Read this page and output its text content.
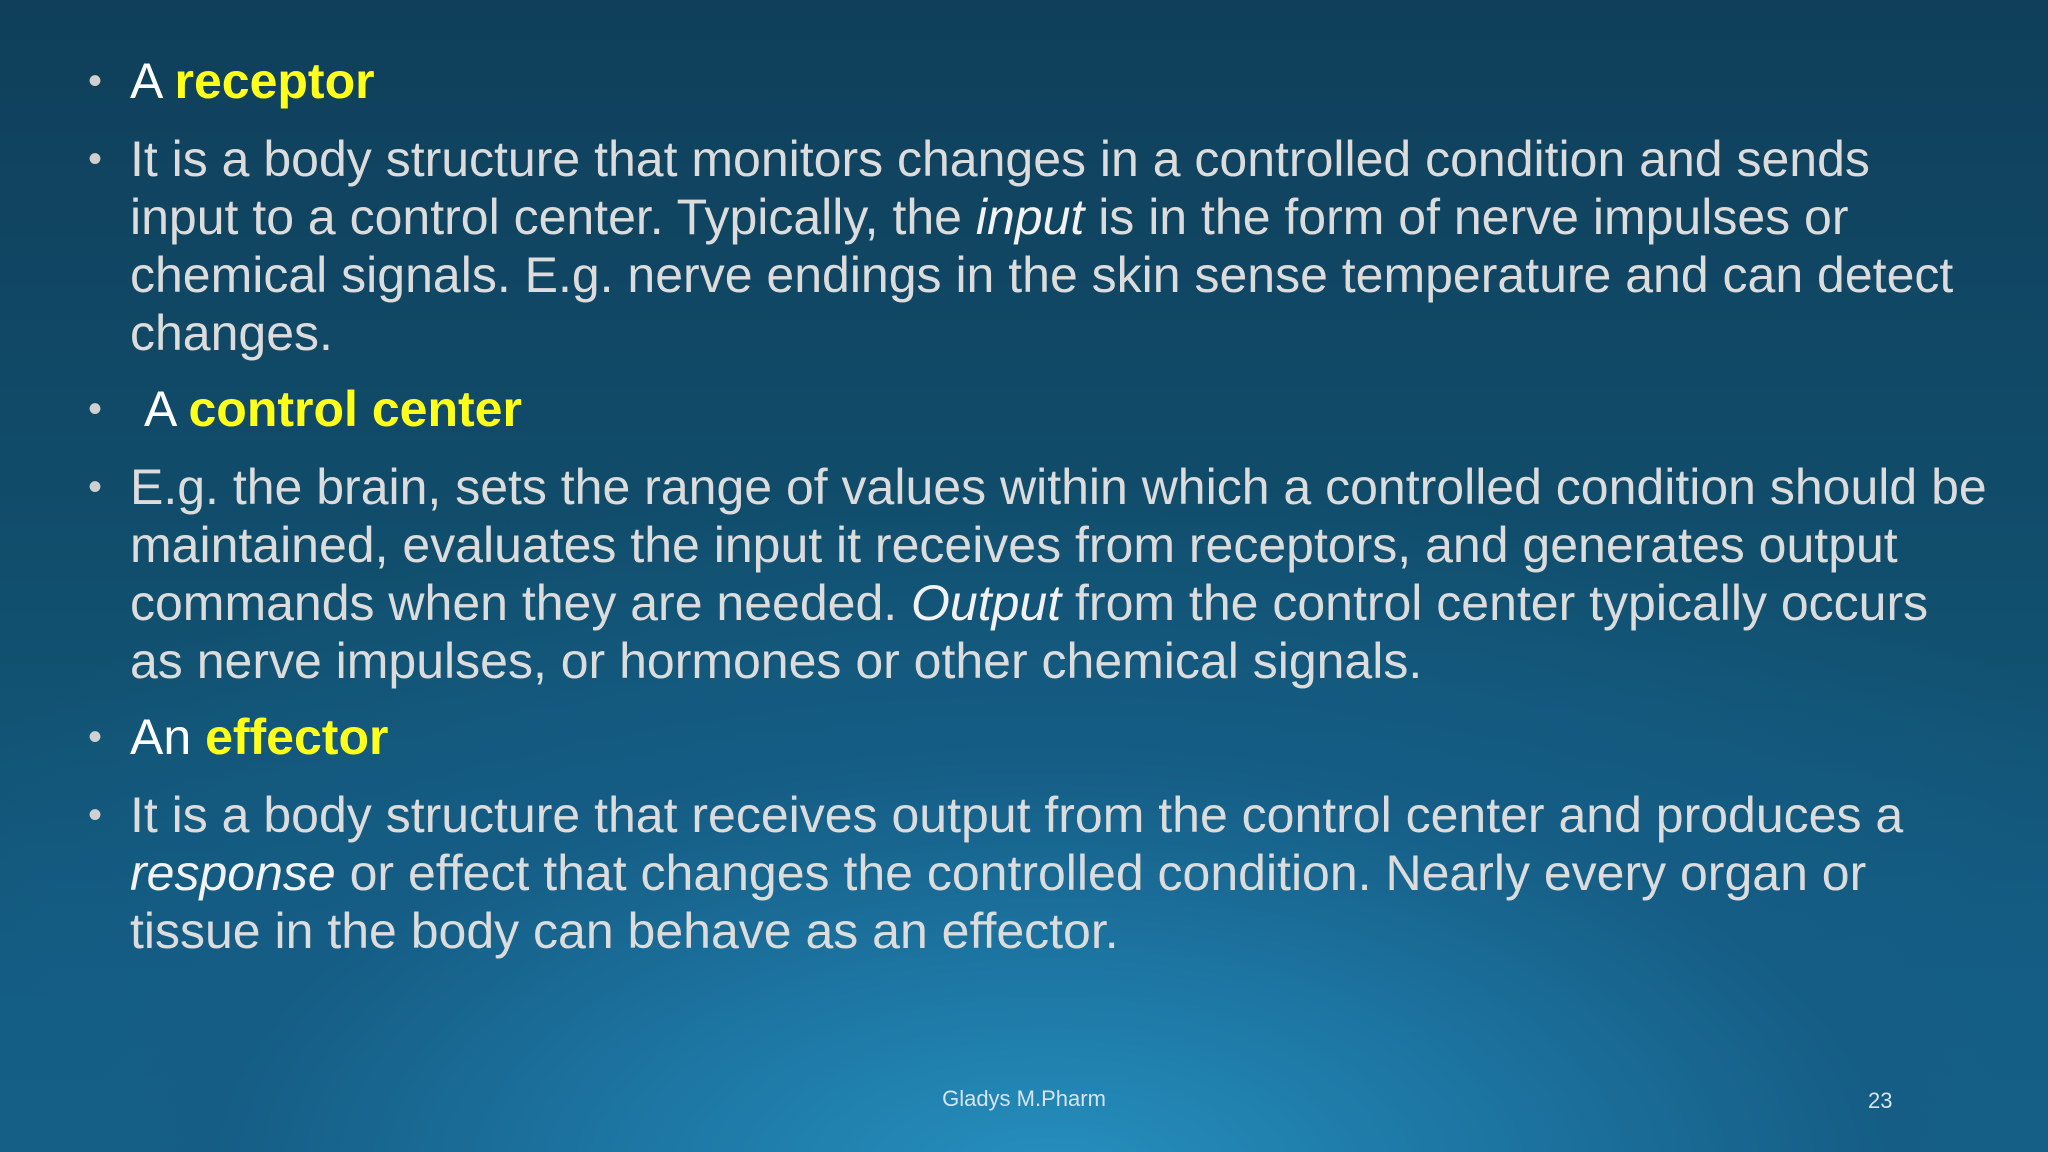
• A receptor
• It is a body structure that monitors changes in a controlled condition and sends input to a control center. Typically, the input is in the form of nerve impulses or chemical signals. E.g. nerve endings in the skin sense temperature and can detect changes.
• A control center
• E.g. the brain, sets the range of values within which a controlled condition should be maintained, evaluates the input it receives from receptors, and generates output commands when they are needed. Output from the control center typically occurs as nerve impulses, or hormones or other chemical signals.
• An effector
• It is a body structure that receives output from the control center and produces a response or effect that changes the controlled condition. Nearly every organ or tissue in the body can behave as an effector.
Gladys M.Pharm	23
